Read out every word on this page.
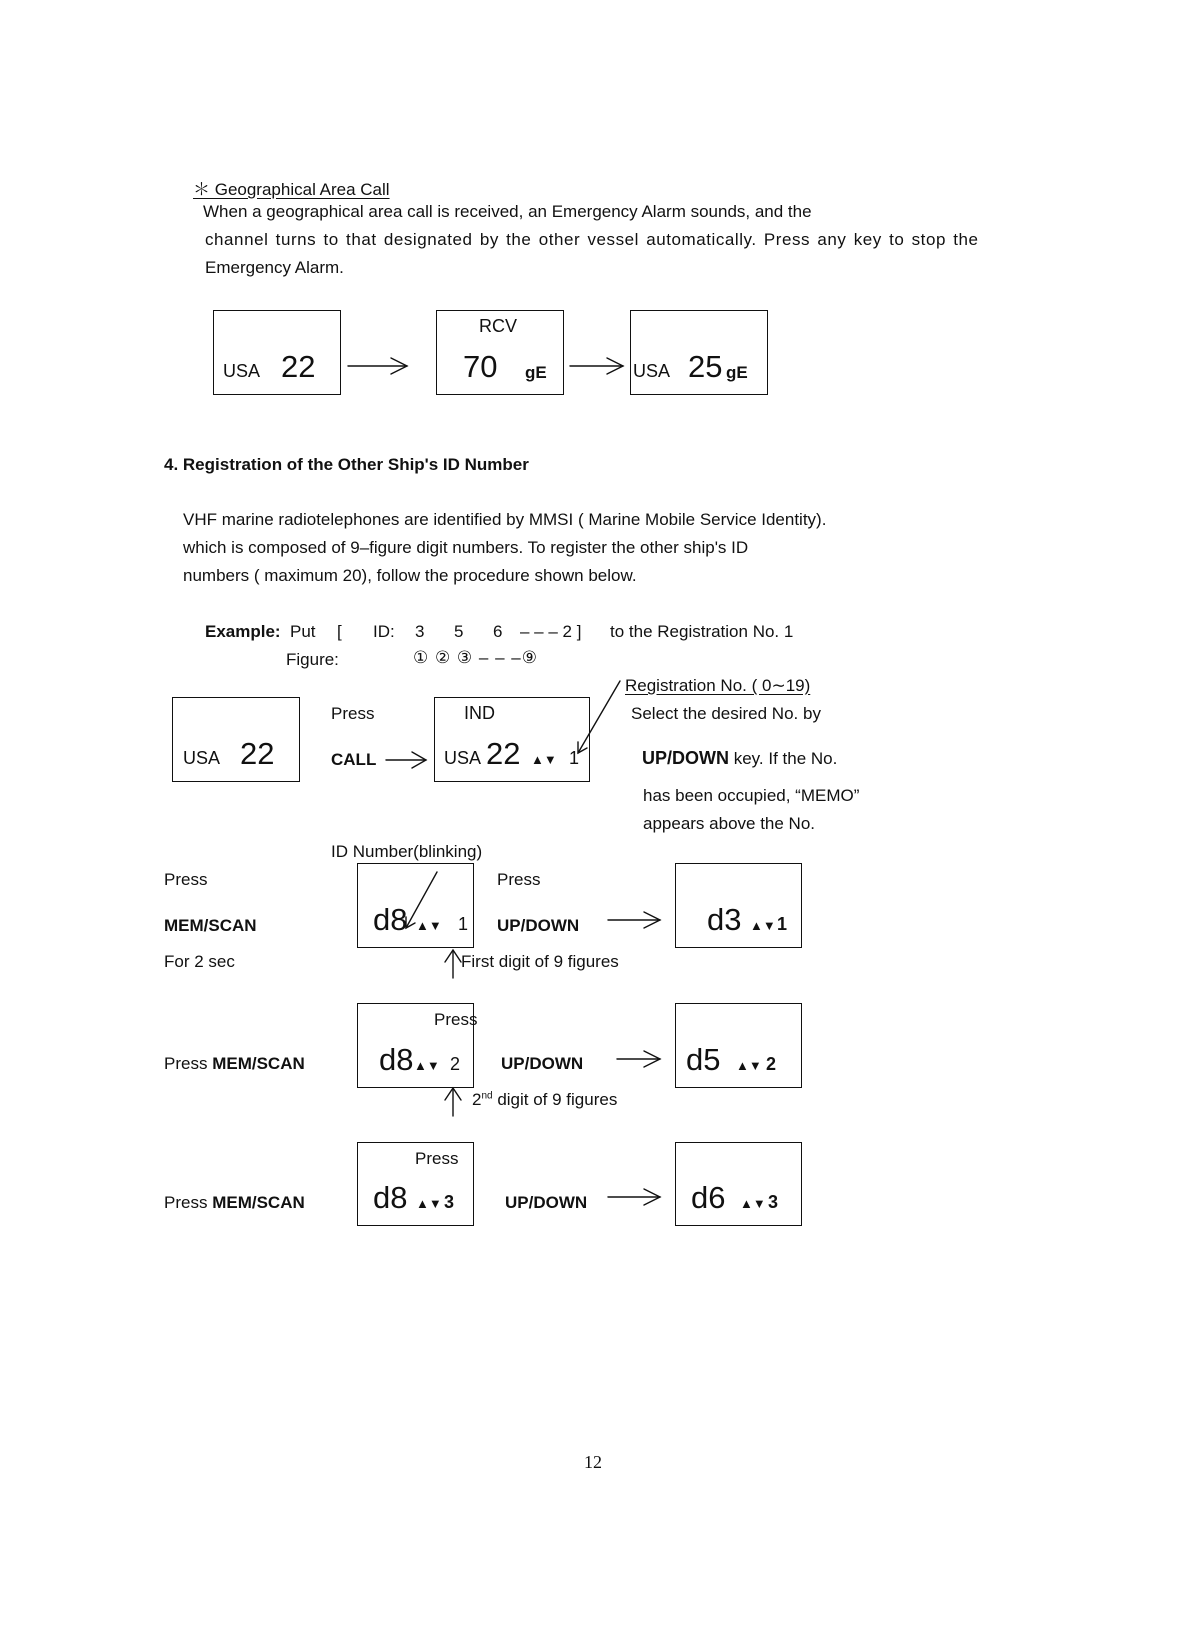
＊ Geographical Area Call
When a geographical area call is received, an Emergency Alarm sounds, and the
channel turns to that designated by the other vessel automatically. Press any key to stop the
Emergency Alarm.
USA 22
RCV
70 gE	USA 25 gE
4. Registration of the Other Ship's ID Number
VHF marine radiotelephones are identified by MMSI ( Marine Mobile Service Identity).
which is composed of 9–figure digit numbers. To register the other ship's ID
numbers ( maximum 20), follow the procedure shown below.
Example: Put [ ID: 3 5 6 – – – 2 ] to the Registration No. 1
Figure:	① ② ③ – – –⑨
USA 22
Press
CALL
IND
USA 22 ▲▼ 1
Registration No. ( 0∼19)
Select the desired No. by
UP/DOWN key. If the No.
has been occupied, “MEMO”
appears above the No.
ID Number(blinking)
Press
MEM/SCAN
For 2 sec
d8 ▲▼ 1
Press
UP/DOWN	d3 ▲▼ 1
First digit of 9 figures
Press MEM/SCAN
Press
d8 ▲▼ 2 UP/DOWN	d5 ▲▼ 2
2nd digit of 9 figures
Press MEM/SCAN
Press
d8 ▲▼ 3	UP/DOWN	d6 ▲▼ 3
12
